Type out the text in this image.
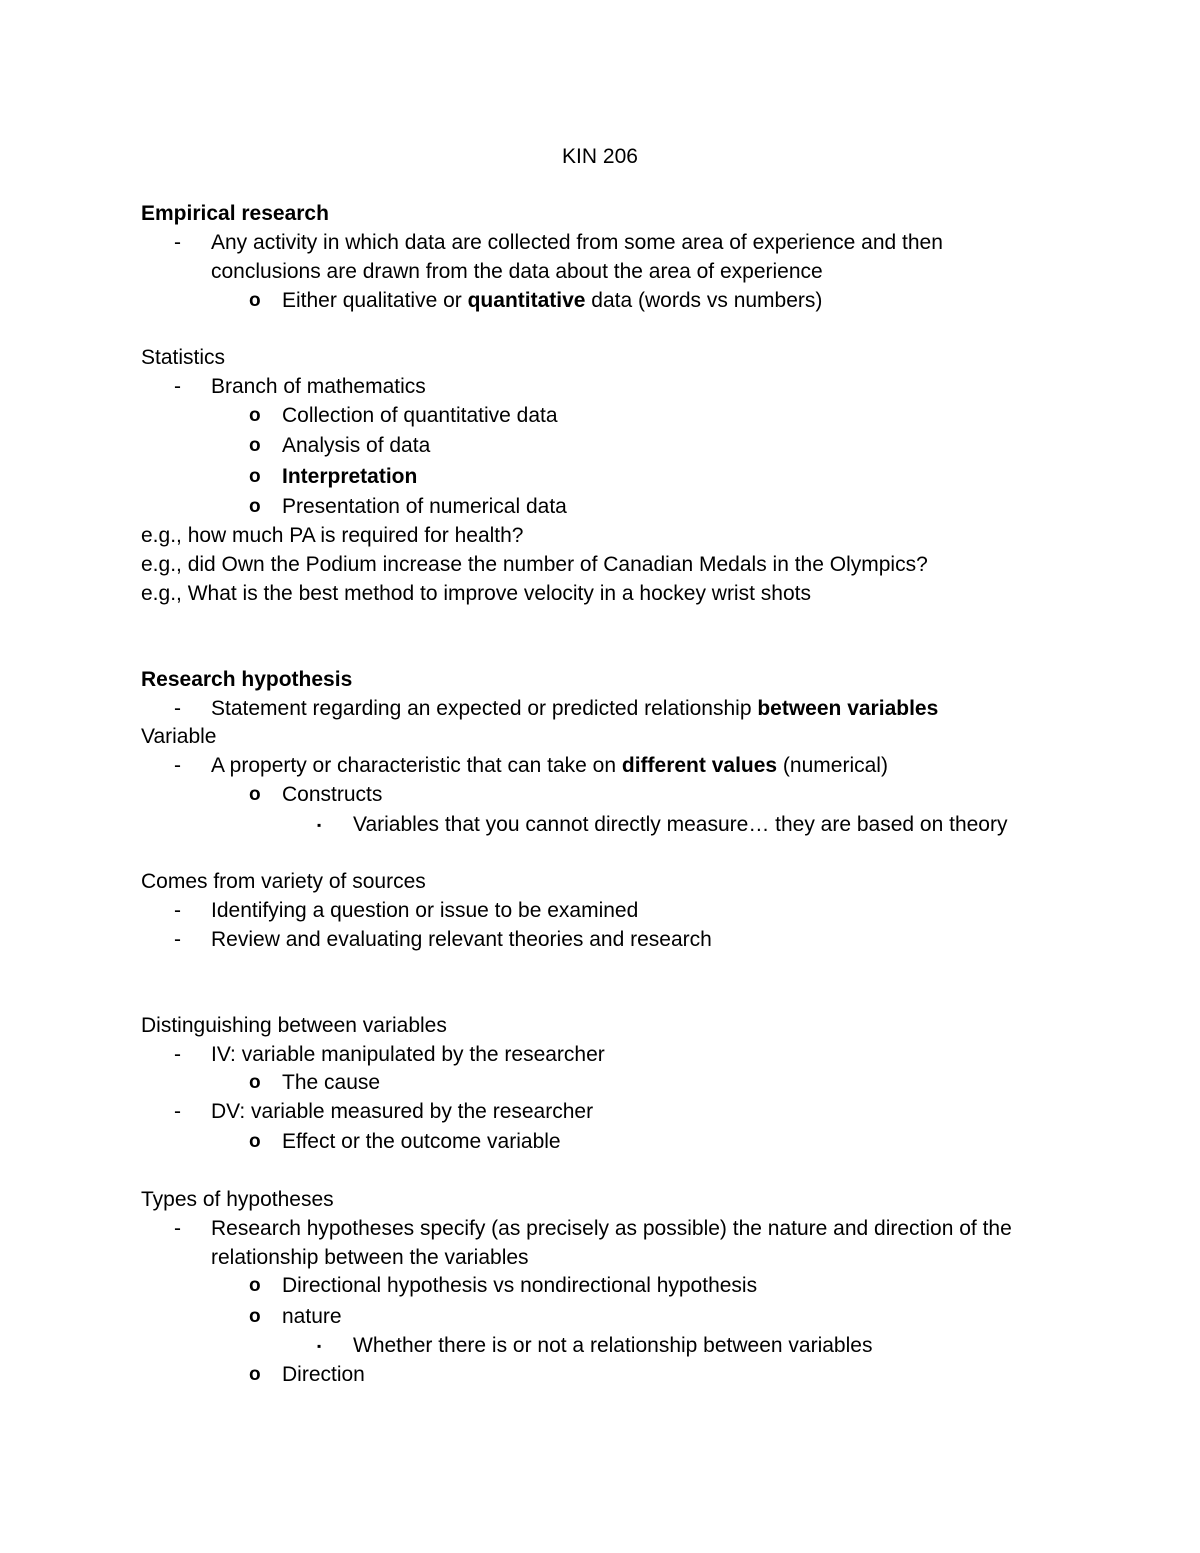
KIN 206
Empirical research
- Any activity in which data are collected from some area of experience and then
conclusions are drawn from the data about the area of experience
o Either qualitative or quantitative data (words vs numbers)
Statistics
- Branch of mathematics
o Collection of quantitative data
o Analysis of data
o Interpretation
o Presentation of numerical data
e.g., how much PA is required for health?
e.g., did Own the Podium increase the number of Canadian Medals in the Olympics?
e.g., What is the best method to improve velocity in a hockey wrist shots
Research hypothesis
- Statement regarding an expected or predicted relationship between variables
Variable
- A property or characteristic that can take on different values (numerical)
o Constructs
▪ Variables that you cannot directly measure… they are based on theory
Comes from variety of sources
- Identifying a question or issue to be examined
- Review and evaluating relevant theories and research
Distinguishing between variables
- IV: variable manipulated by the researcher
o The cause
- DV: variable measured by the researcher
o Effect or the outcome variable
Types of hypotheses
- Research hypotheses specify (as precisely as possible) the nature and direction of the
relationship between the variables
o Directional hypothesis vs nondirectional hypothesis
o nature
▪ Whether there is or not a relationship between variables
o Direction
